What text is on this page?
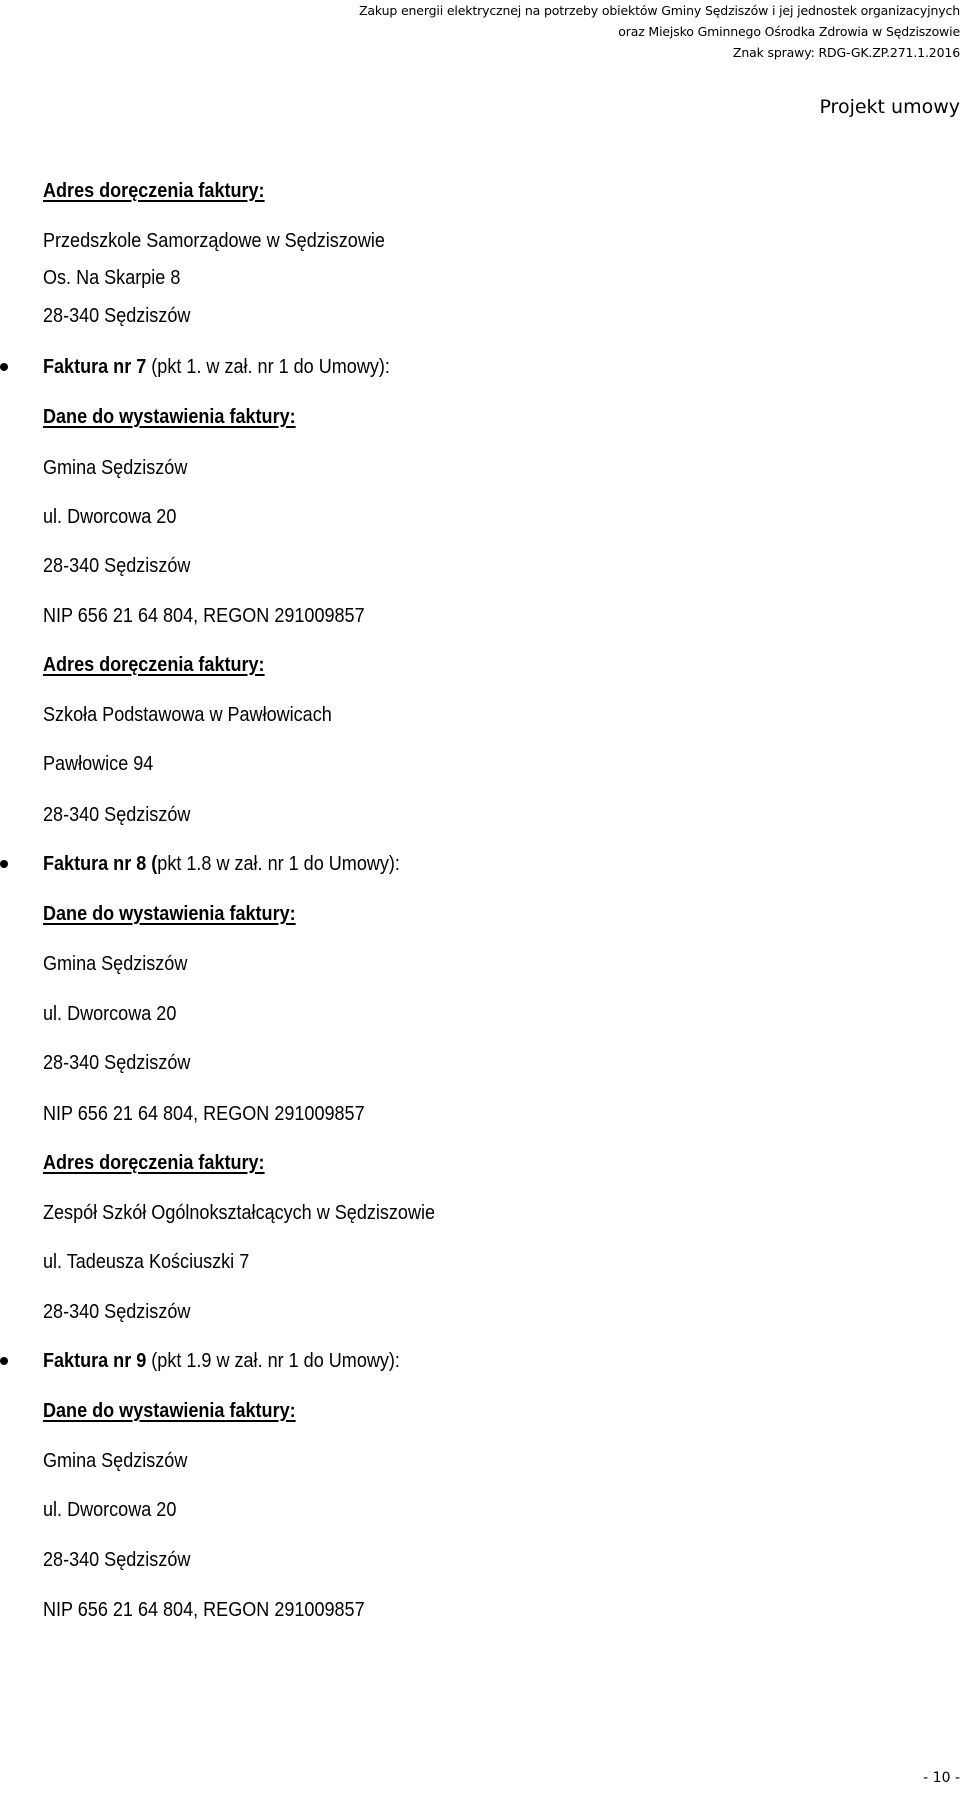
Zakup energii elektrycznej na potrzeby obiektów Gminy Sędziszów i jej jednostek organizacyjnych
oraz Miejsko Gminnego Ośrodka Zdrowia w Sędziszowie
Znak sprawy: RDG-GK.ZP.271.1.2016
Projekt umowy
Adres doręczenia faktury:
Przedszkole Samorządowe w Sędziszowie
Os. Na Skarpie 8
28-340 Sędziszów
Faktura nr 7 (pkt 1. w zał. nr 1 do Umowy):
Dane do wystawienia faktury:
Gmina Sędziszów
ul. Dworcowa 20
28-340 Sędziszów
NIP 656 21 64 804, REGON 291009857
Adres doręczenia faktury:
Szkoła Podstawowa w Pawłowicach
Pawłowice 94
28-340 Sędziszów
Faktura nr 8 (pkt 1.8 w zał. nr 1 do Umowy):
Dane do wystawienia faktury:
Gmina Sędziszów
ul. Dworcowa 20
28-340 Sędziszów
NIP 656 21 64 804, REGON 291009857
Adres doręczenia faktury:
Zespół Szkół Ogólnokształcących w Sędziszowie
ul. Tadeusza Kościuszki 7
28-340 Sędziszów
Faktura nr 9 (pkt 1.9 w zał. nr 1 do Umowy):
Dane do wystawienia faktury:
Gmina Sędziszów
ul. Dworcowa 20
28-340 Sędziszów
NIP 656 21 64 804, REGON 291009857
- 10 -
